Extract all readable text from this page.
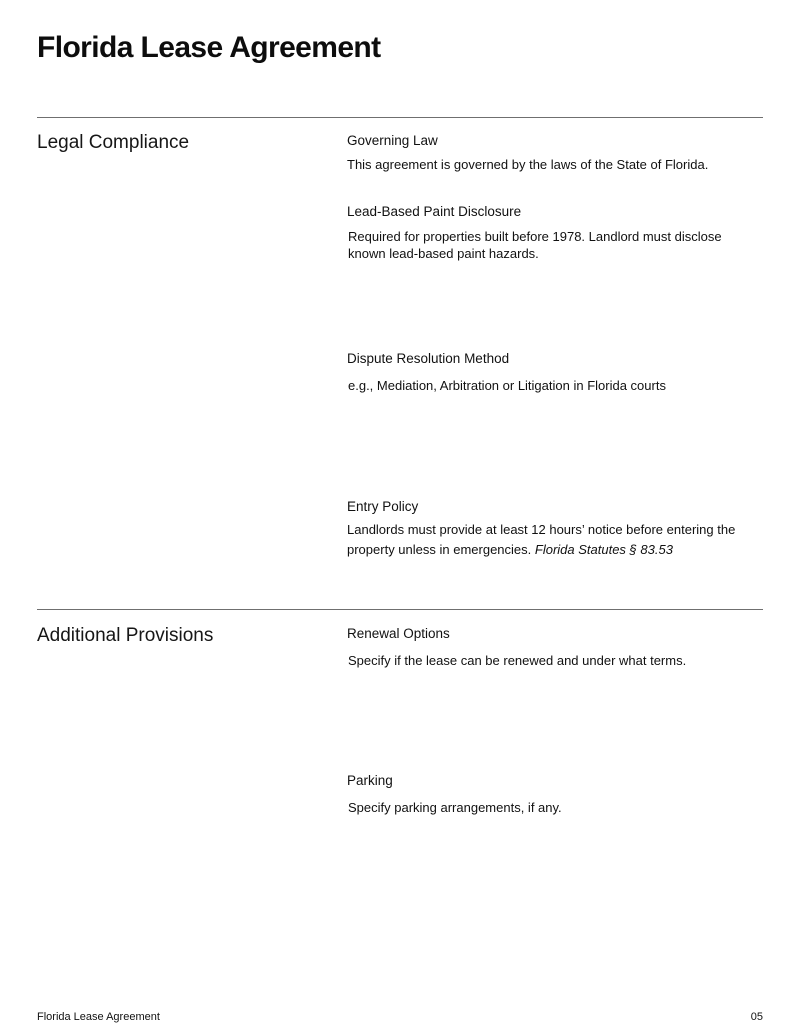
Florida Lease Agreement
Legal Compliance	Governing Law

This agreement is governed by the laws of the State of Florida.

Lead-Based Paint Disclosure

Required for properties built before 1978. Landlord must disclose known lead-based paint hazards.

Dispute Resolution Method

e.g., Mediation, Arbitration or Litigation in Florida courts

Entry Policy

Landlords must provide at least 12 hours’ notice before entering the property unless in emergencies. Florida Statutes § 83.53

Additional Provisions	Renewal Options

Specify if the lease can be renewed and under what terms.

Parking

Specify parking arrangements, if any.

Florida Lease Agreement	05
